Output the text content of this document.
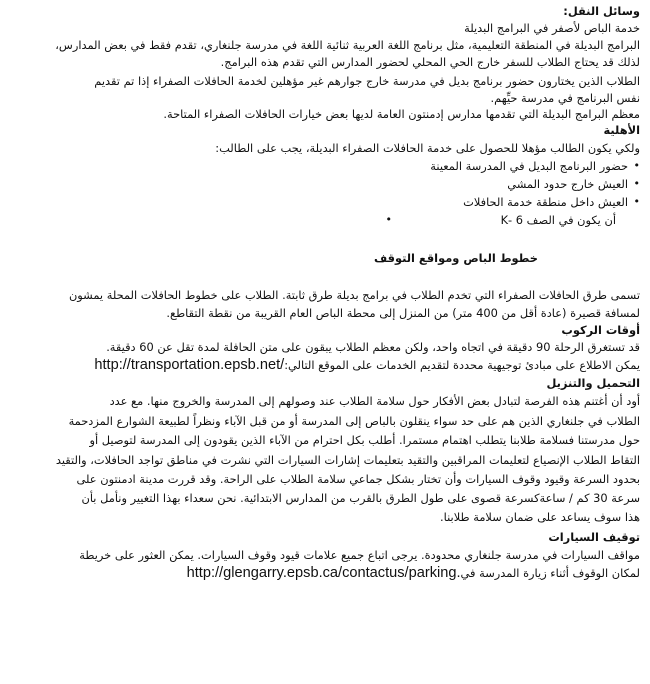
وسائل النقل:
خدمة الباص لأصفر في البرامج البديلة
البرامج البديلة في المنطقة التعليمية، مثل برنامج اللغة العربية ثنائية اللغة في مدرسة جلنغاري، تقدم فقط في بعض المدارس،
لذلك قد يحتاج الطلاب للسفر خارج الحي المحلي لحضور المدارس التي تقدم هذه البرامج.
الطلاب الذين يختارون حضور برنامج بديل في مدرسة خارج جوارهم غير مؤهلين لخدمة الحافلات الصفراء إذا تم تقديم
نفس البرنامج في مدرسة حيِّهم.
معظم البرامج البديلة التي تقدمها مدارس إدمنتون العامة لديها بعض خيارات الحافلات الصفراء المتاحة.
الأهلية
ولكي يكون الطالب مؤهلا للحصول على خدمة الحافلات الصفراء البديلة، يجب على الطالب:
•
حضور البرنامج البديل في المدرسة المعينة
•
العيش خارج حدود المشي
•
العيش داخل منطقة خدمة الحافلات
•	أن يكون في الصف 6 -K
خطوط الباص ومواقع التوقف
تسمى طرق الحافلات الصفراء التي تخدم الطلاب في برامج بديلة طرق ثابتة. الطلاب على خطوط الحافلات المحلة يمشون
لمسافة قصيرة (عادة أقل من 400 متر) من المنزل إلى محطة الباص العام القريبة من نقطة التقاطع.
أوقات الركوب
قد تستغرق الرحلة 90 دقيقة في اتجاه واحد، ولكن معظم الطلاب يبقون على متن الحافلة لمدة تقل عن 60 دقيقة.
يمكن الاطلاع على مبادئ توجيهية محددة لتقديم الخدمات على الموقع التالي:http://transportation.epsb.net/
التحميل والتنزيل
أود أن أغتنم هذه الفرصة لتبادل بعض الأفكار حول سلامة الطلاب عند وصولهم إلى المدرسة والخروج منها. مع عدد
الطلاب في جلنغاري الذين هم على حد سواء ينقلون بالباص إلى المدرسة أو من قبل الآباء ونظراً لطبيعة الشوارع المزدحمة
حول مدرستنا فسلامة طلابنا يتطلب اهتمام مستمرا. أطلب بكل احترام من الآباء الذين يقودون إلى المدرسة لتوصيل أو
التقاط الطلاب الإنصياع لتعليمات المراقبين والتقيد بتعليمات إشارات السيارات التي نشرت في مناطق تواجد الحافلات، والتقيد
بحدود السرعة وقيود وقوف السيارات وأن تختار بشكل جماعي سلامة الطلاب على الراحة. وقد قررت مدينة ادمنتون على
سرعة 30 كم / ساعةكسرعة قصوى على طول الطرق بالقرب من المدارس الابتدائية. نحن سعداء بهذا التغيير ونأمل بأن
هذا سوف يساعد على ضمان سلامة طلابنا.
توقيف السيارات
مواقف السيارات في مدرسة جلنغاري محدودة. يرجى اتباع جميع علامات قيود وقوف السيارات. يمكن العثور على خريطة
لمكان الوقوف أثناء زيارة المدرسة فيhttp://glengarry.epsb.ca/contactus/parking.
